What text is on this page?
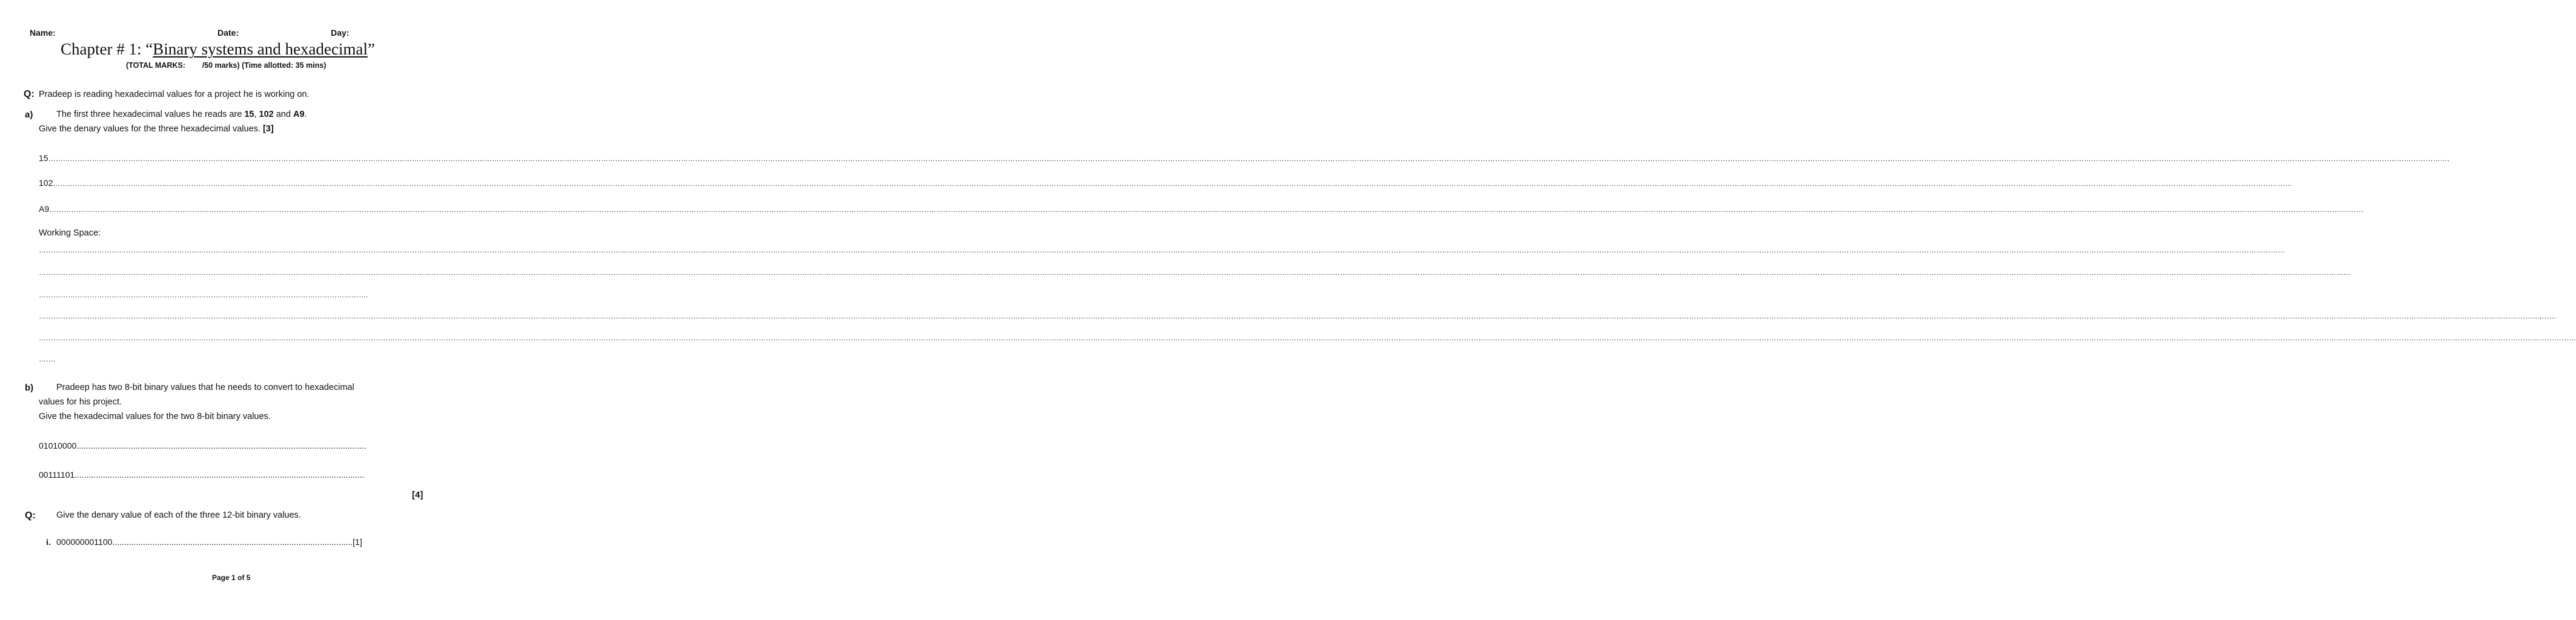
Name:	Date:	Day:
Chapter # 1: “Binary systems and hexadecimal”
(TOTAL MARKS:        /50 marks) (Time allotted: 35 mins)
Q: Pradeep is reading hexadecimal values for a project he is working on.
a)	The first three hexadecimal values he reads are 15, 102 and A9.
Give the denary values for the three hexadecimal values. [3]
15……………………………………………………………………………………………………………………………………………………………………………………………………………………………………………………………………………………………………………………………………………………………………………………………………………………………………………………………………………………………………………………………………………………………………………………………………………………………………………………………………………………………………………………………………………………………………………………………………………………………………………………………………………………………………………….
102……………………………………………………………………………………………………………………………………………………………………………………………………………………………………………………………………………………………………………………………………………………………………………………………………………………………………………………………………………………………………………………………………………………………………………………………………………………………………………………………………………………………………………………………………………………………………………………………………………………………………………………
A9……………………………………………………………………………………………………………………………………………………………………………………………………………………………………………………………………………………………………………………………………………………………………………………………………………………………………………………………………………………………………………………………………………………………………………………………………………………………………………………………………………………………………………………………………………………………………………………………………………………………………………………………………………….
Working Space:
………………………………………………………………………………………………………………………………………………………………………………………………………………………………………………………………………………………………………………………………………………………………………………………………………………………………………………………………………………………………………………………………………………………………………………………………………………………………………………………………………………………………………………………………………………………………………………………………………………………………………………………
………………………………………………………………………………………………………………………………………………………………………………………………………………………………………………………………………………………………………………………………………………………………………………………………………………………………………………………………………………………………………………………………………………………………………………………………………………………………………………………………………………………………………………………………………………………………………………………………………………………………………………………………………………
……………………………………………………………………………………………………………………….
……………………………………………………………………………………………………………………………………………………………………………………………………………………………………………………………………………………………………………………………………………………………………………………………………………………………………………………………………………………………………………………………………………………………………………………………………………………………………………………………………………………………………………………………………………………………………………………………………………………………………………………………………………………………………………………………………………………,……
…………………………………………………………………………………………………………………………………………………………………………………………………………………………………………………………………………………………………………………………………………………………………………………………………………………………………………………………………………………………………………………………………………………………………………………………………………………………………………………………………………………………………………………………………………………………………………………………………………………………………………………………………………………………………………………………………………………………………
…….
b)	Pradeep has two 8-bit binary values that he needs to convert to hexadecimal
values for his project.
Give the hexadecimal values for the two 8-bit binary values.
01010000...........................................................................................................................
00111101...........................................................................................................................
[4]
Q: Give the denary value of each of the three 12-bit binary values.
i. 000000001100......................................................................................................[1]
Page 1 of 5
